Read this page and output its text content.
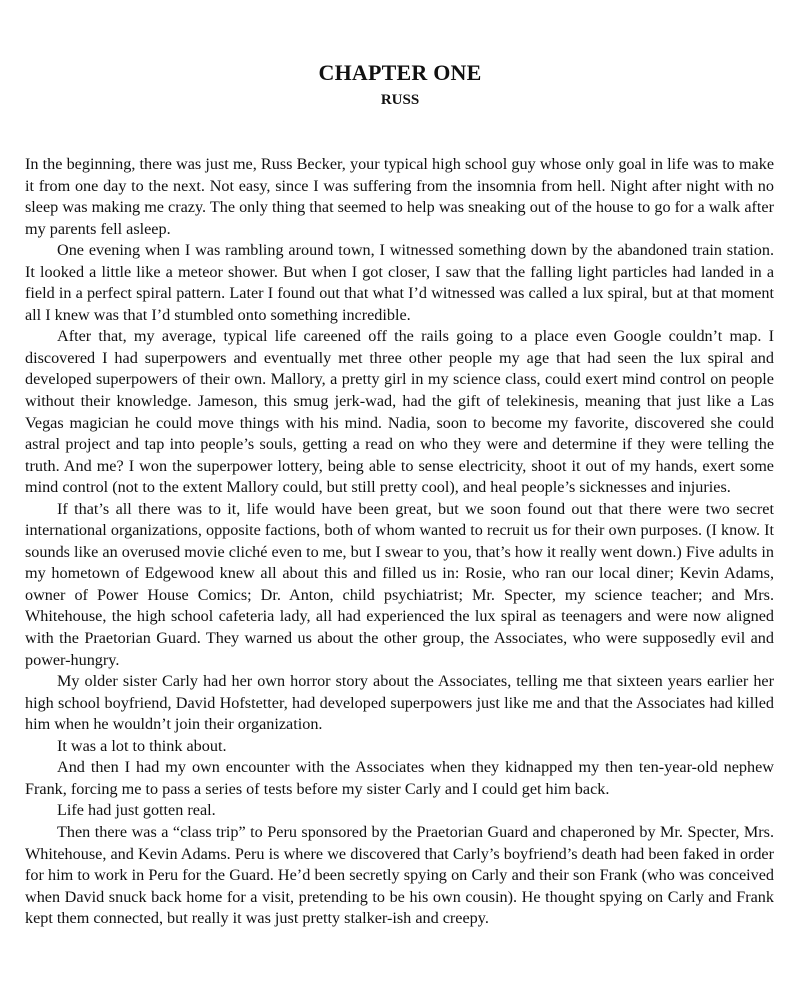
CHAPTER ONE
RUSS

In the beginning, there was just me, Russ Becker, your typical high school guy whose only goal in life was to make it from one day to the next. Not easy, since I was suffering from the insomnia from hell. Night after night with no sleep was making me crazy. The only thing that seemed to help was sneaking out of the house to go for a walk after my parents fell asleep.

One evening when I was rambling around town, I witnessed something down by the abandoned train station. It looked a little like a meteor shower. But when I got closer, I saw that the falling light particles had landed in a field in a perfect spiral pattern. Later I found out that what I’d witnessed was called a lux spiral, but at that moment all I knew was that I’d stumbled onto something incredible.

After that, my average, typical life careened off the rails going to a place even Google couldn’t map. I discovered I had superpowers and eventually met three other people my age that had seen the lux spiral and developed superpowers of their own. Mallory, a pretty girl in my science class, could exert mind control on people without their knowledge. Jameson, this smug jerk-wad, had the gift of telekinesis, meaning that just like a Las Vegas magician he could move things with his mind. Nadia, soon to become my favorite, discovered she could astral project and tap into people’s souls, getting a read on who they were and determine if they were telling the truth. And me? I won the superpower lottery, being able to sense electricity, shoot it out of my hands, exert some mind control (not to the extent Mallory could, but still pretty cool), and heal people’s sicknesses and injuries.

If that’s all there was to it, life would have been great, but we soon found out that there were two secret international organizations, opposite factions, both of whom wanted to recruit us for their own purposes. (I know. It sounds like an overused movie cliché even to me, but I swear to you, that’s how it really went down.) Five adults in my hometown of Edgewood knew all about this and filled us in: Rosie, who ran our local diner; Kevin Adams, owner of Power House Comics; Dr. Anton, child psychiatrist; Mr. Specter, my science teacher; and Mrs. Whitehouse, the high school cafeteria lady, all had experienced the lux spiral as teenagers and were now aligned with the Praetorian Guard. They warned us about the other group, the Associates, who were supposedly evil and power-hungry.

My older sister Carly had her own horror story about the Associates, telling me that sixteen years earlier her high school boyfriend, David Hofstetter, had developed superpowers just like me and that the Associates had killed him when he wouldn’t join their organization.

It was a lot to think about.

And then I had my own encounter with the Associates when they kidnapped my then ten-year-old nephew Frank, forcing me to pass a series of tests before my sister Carly and I could get him back.

Life had just gotten real.

Then there was a “class trip” to Peru sponsored by the Praetorian Guard and chaperoned by Mr. Specter, Mrs. Whitehouse, and Kevin Adams. Peru is where we discovered that Carly’s boyfriend’s death had been faked in order for him to work in Peru for the Guard. He’d been secretly spying on Carly and their son Frank (who was conceived when David snuck back home for a visit, pretending to be his own cousin). He thought spying on Carly and Frank kept them connected, but really it was just pretty stalker-ish and creepy.
